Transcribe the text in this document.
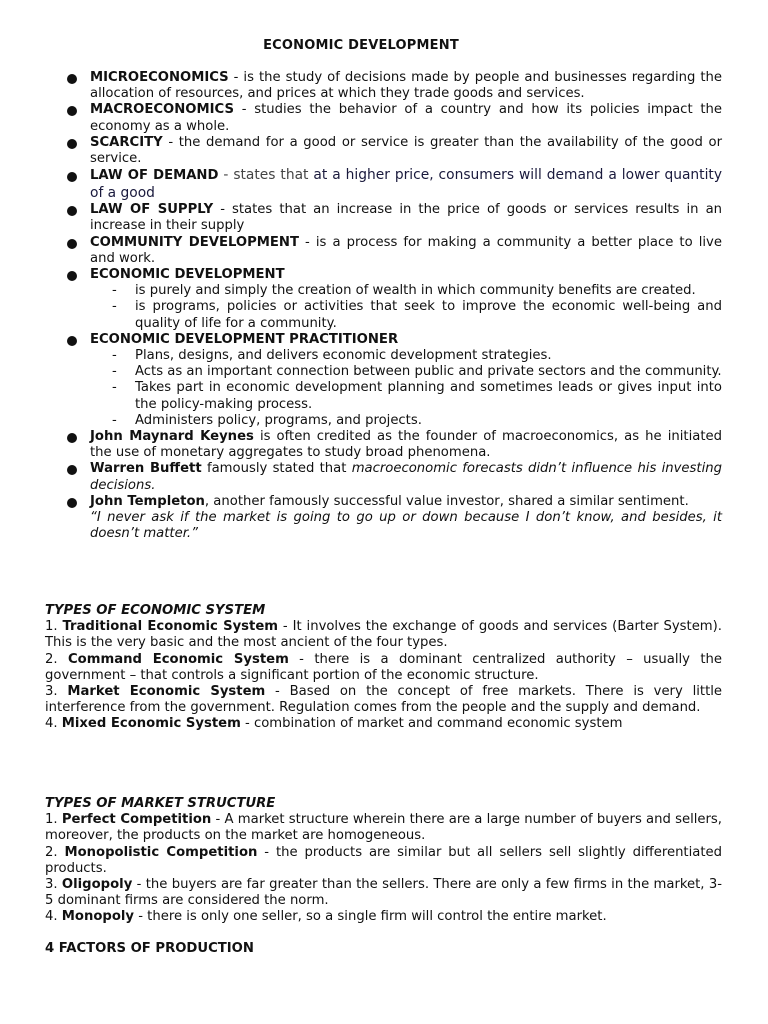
ECONOMIC DEVELOPMENT
MICROECONOMICS - is the study of decisions made by people and businesses regarding the allocation of resources, and prices at which they trade goods and services.
MACROECONOMICS - studies the behavior of a country and how its policies impact the economy as a whole.
SCARCITY - the demand for a good or service is greater than the availability of the good or service.
LAW OF DEMAND - states that at a higher price, consumers will demand a lower quantity of a good
LAW OF SUPPLY - states that an increase in the price of goods or services results in an increase in their supply
COMMUNITY DEVELOPMENT - is a process for making a community a better place to live and work.
ECONOMIC DEVELOPMENT
- is purely and simply the creation of wealth in which community benefits are created.
- is programs, policies or activities that seek to improve the economic well-being and quality of life for a community.
ECONOMIC DEVELOPMENT PRACTITIONER
- Plans, designs, and delivers economic development strategies.
- Acts as an important connection between public and private sectors and the community.
- Takes part in economic development planning and sometimes leads or gives input into the policy-making process.
- Administers policy, programs, and projects.
John Maynard Keynes is often credited as the founder of macroeconomics, as he initiated the use of monetary aggregates to study broad phenomena.
Warren Buffett famously stated that macroeconomic forecasts didn’t influence his investing decisions.
John Templeton, another famously successful value investor, shared a similar sentiment.
“I never ask if the market is going to go up or down because I don’t know, and besides, it doesn’t matter.”

TYPES OF ECONOMIC SYSTEM

1. Traditional Economic System - It involves the exchange of goods and services (Barter System). This is the very basic and the most ancient of the four types.

2. Command Economic System - there is a dominant centralized authority – usually the government – that controls a significant portion of the economic structure.

3. Market Economic System - Based on the concept of free markets. There is very little interference from the government. Regulation comes from the people and the supply and demand.

4. Mixed Economic System - combination of market and command economic system

TYPES OF MARKET STRUCTURE

1. Perfect Competition - A market structure wherein there are a large number of buyers and sellers, moreover, the products on the market are homogeneous.

2. Monopolistic Competition - the products are similar but all sellers sell slightly differentiated products.

3. Oligopoly - the buyers are far greater than the sellers. There are only a few firms in the market, 3-5 dominant firms are considered the norm.

4. Monopoly - there is only one seller, so a single firm will control the entire market.

4 FACTORS OF PRODUCTION
